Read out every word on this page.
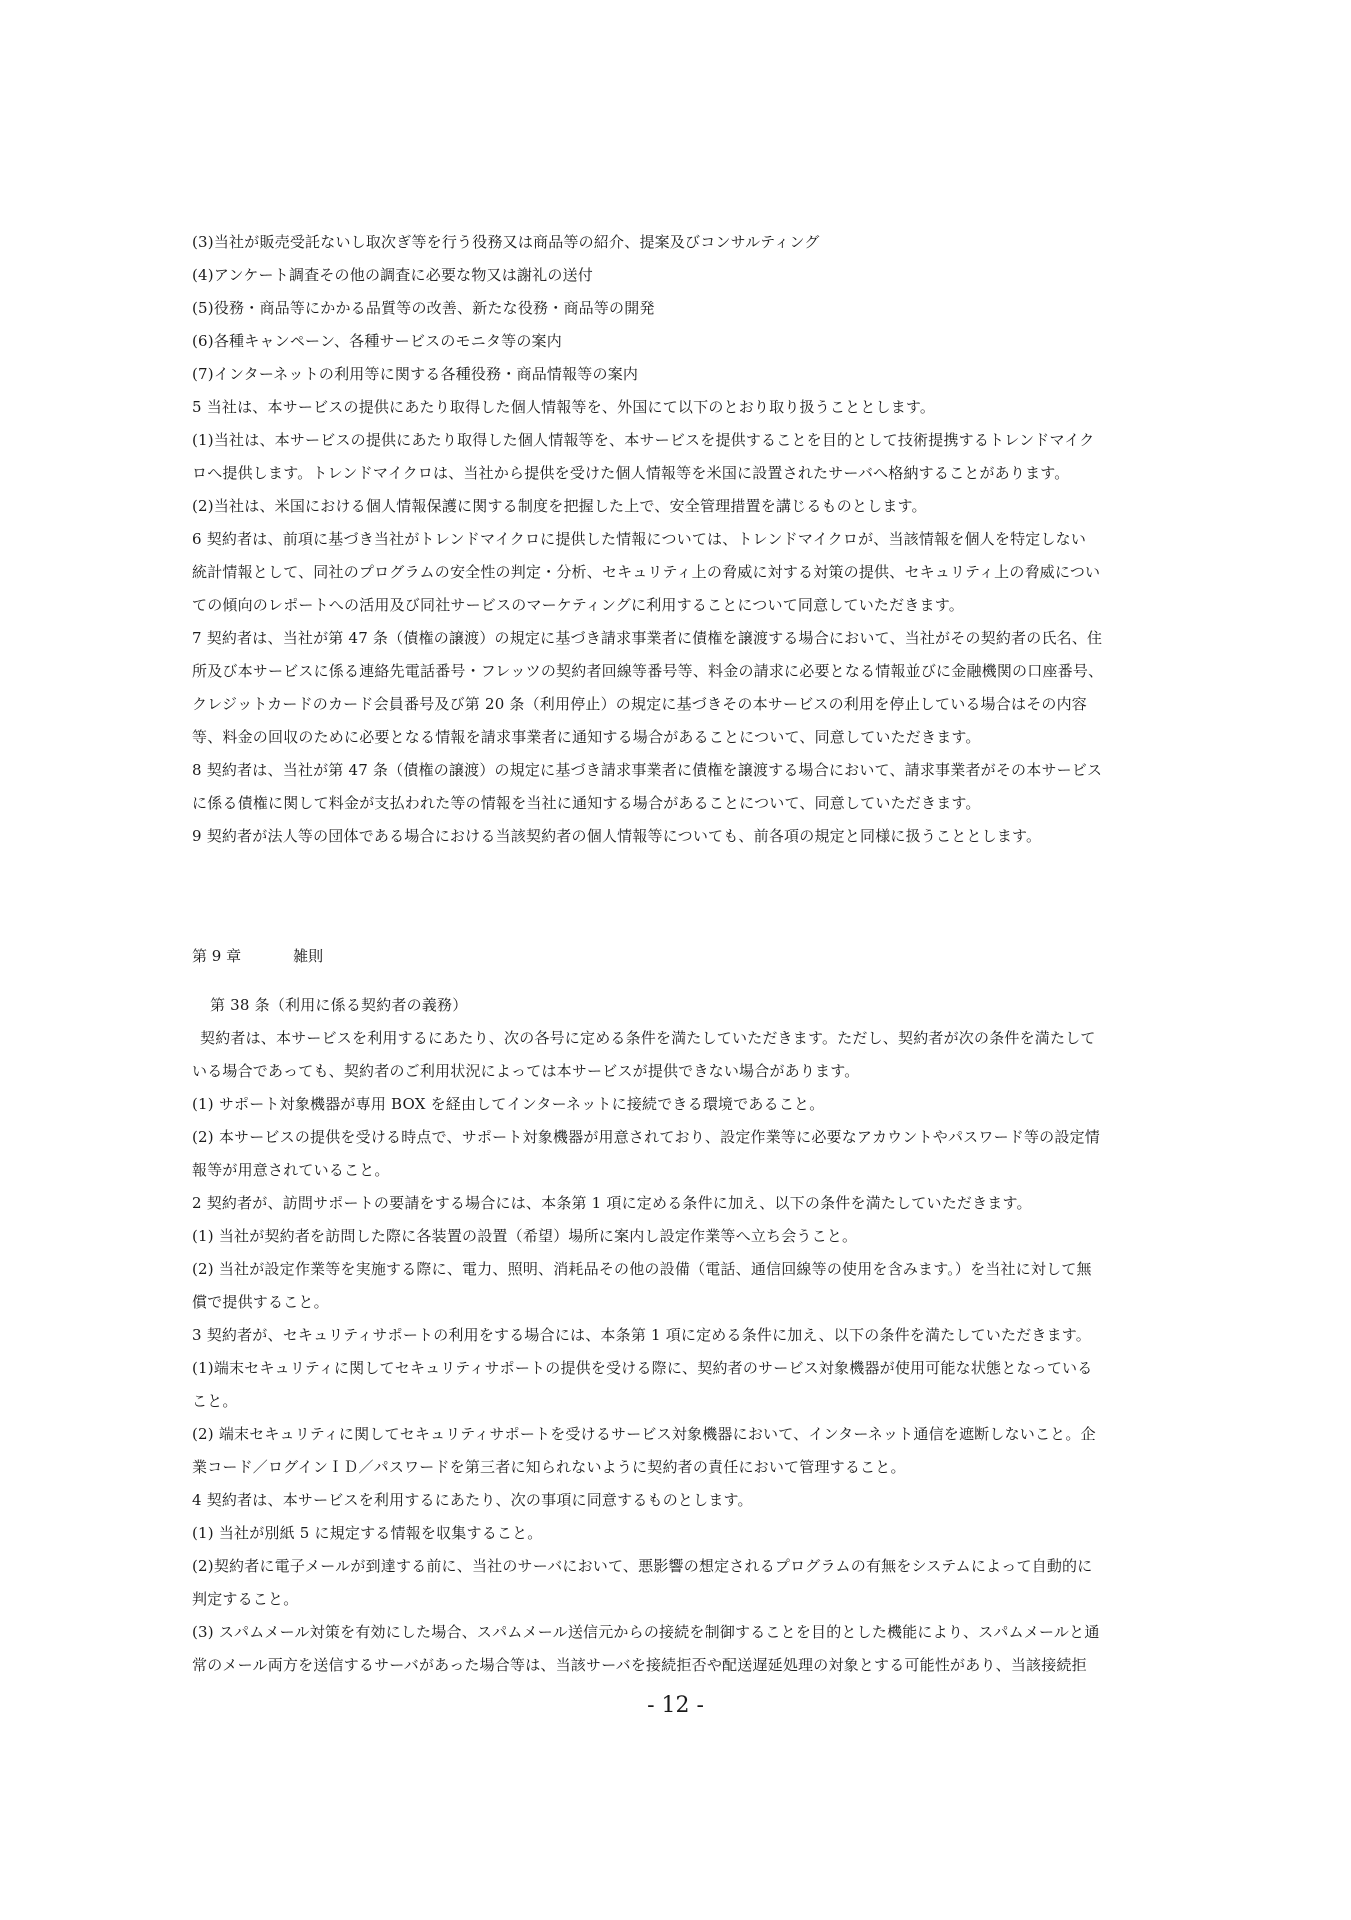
(3)当社が販売受託ないし取次ぎ等を行う役務又は商品等の紹介、提案及びコンサルティング

(4)アンケート調査その他の調査に必要な物又は謝礼の送付

(5)役務・商品等にかかる品質等の改善、新たな役務・商品等の開発

(6)各種キャンペーン、各種サービスのモニタ等の案内

(7)インターネットの利用等に関する各種役務・商品情報等の案内

5 当社は、本サービスの提供にあたり取得した個人情報等を、外国にて以下のとおり取り扱うこととします。

(1)当社は、本サービスの提供にあたり取得した個人情報等を、本サービスを提供することを目的として技術提携するトレンドマイク

ロへ提供します。トレンドマイクロは、当社から提供を受けた個人情報等を米国に設置されたサーバへ格納することがあります。

(2)当社は、米国における個人情報保護に関する制度を把握した上で、安全管理措置を講じるものとします。

6 契約者は、前項に基づき当社がトレンドマイクロに提供した情報については、トレンドマイクロが、当該情報を個人を特定しない

統計情報として、同社のプログラムの安全性の判定・分析、セキュリティ上の脅威に対する対策の提供、セキュリティ上の脅威につい

ての傾向のレポートへの活用及び同社サービスのマーケティングに利用することについて同意していただきます。

7 契約者は、当社が第 47 条（債権の譲渡）の規定に基づき請求事業者に債権を譲渡する場合において、当社がその契約者の氏名、住

所及び本サービスに係る連絡先電話番号・フレッツの契約者回線等番号等、料金の請求に必要となる情報並びに金融機関の口座番号、

クレジットカードのカード会員番号及び第 20 条（利用停止）の規定に基づきその本サービスの利用を停止している場合はその内容

等、料金の回収のために必要となる情報を請求事業者に通知する場合があることについて、同意していただきます。

8 契約者は、当社が第 47 条（債権の譲渡）の規定に基づき請求事業者に債権を譲渡する場合において、請求事業者がその本サービス

に係る債権に関して料金が支払われた等の情報を当社に通知する場合があることについて、同意していただきます。

9 契約者が法人等の団体である場合における当該契約者の個人情報等についても、前各項の規定と同様に扱うこととします。

第 9 章	雑則

第 38 条（利用に係る契約者の義務）

契約者は、本サービスを利用するにあたり、次の各号に定める条件を満たしていただきます。ただし、契約者が次の条件を満たして

いる場合であっても、契約者のご利用状況によっては本サービスが提供できない場合があります。

(1) サポート対象機器が専用 BOX を経由してインターネットに接続できる環境であること。

(2) 本サービスの提供を受ける時点で、サポート対象機器が用意されており、設定作業等に必要なアカウントやパスワード等の設定情

報等が用意されていること。

2 契約者が、訪問サポートの要請をする場合には、本条第 1 項に定める条件に加え、以下の条件を満たしていただきます。

(1) 当社が契約者を訪問した際に各装置の設置（希望）場所に案内し設定作業等へ立ち会うこと。

(2) 当社が設定作業等を実施する際に、電力、照明、消耗品その他の設備（電話、通信回線等の使用を含みます。）を当社に対して無

償で提供すること。

3 契約者が、セキュリティサポートの利用をする場合には、本条第 1 項に定める条件に加え、以下の条件を満たしていただきます。

(1)端末セキュリティに関してセキュリティサポートの提供を受ける際に、契約者のサービス対象機器が使用可能な状態となっている

こと。

(2) 端末セキュリティに関してセキュリティサポートを受けるサービス対象機器において、インターネット通信を遮断しないこと。企

業コード／ログインＩＤ／パスワードを第三者に知られないように契約者の責任において管理すること。

4 契約者は、本サービスを利用するにあたり、次の事項に同意するものとします。

(1) 当社が別紙 5 に規定する情報を収集すること。

(2)契約者に電子メールが到達する前に、当社のサーバにおいて、悪影響の想定されるプログラムの有無をシステムによって自動的に

判定すること。

(3) スパムメール対策を有効にした場合、スパムメール送信元からの接続を制御することを目的とした機能により、スパムメールと通

常のメール両方を送信するサーバがあった場合等は、当該サーバを接続拒否や配送遅延処理の対象とする可能性があり、当該接続拒

- 12 -
